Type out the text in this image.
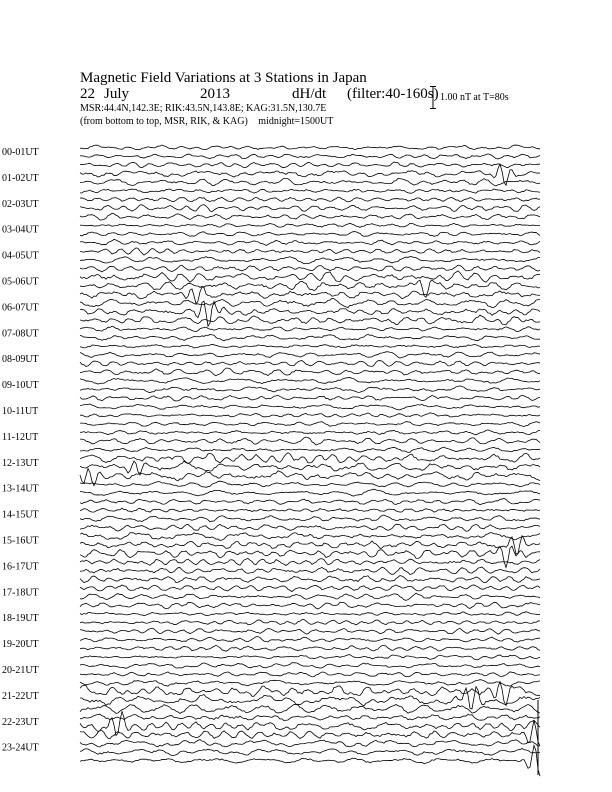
Magnetic Field Variations at 3 Stations in Japan
22 July	2013	dH/dt (filter:40-160s)
MSR:44.4N,142.3E; RIK:43.5N,143.8E; KAG:31.5N,130.7E
(from bottom to top, MSR, RIK, & KAG) midnight=1500UT
1.00 nT at T=80s
00-01UT
01-02UT
02-03UT
03-04UT
04-05UT
05-06UT
06-07UT
07-08UT
08-09UT
09-10UT
10-11UT
11-12UT
12-13UT
13-14UT
14-15UT
15-16UT
16-17UT
17-18UT
18-19UT
19-20UT
20-21UT
21-22UT
22-23UT
23-24UT
